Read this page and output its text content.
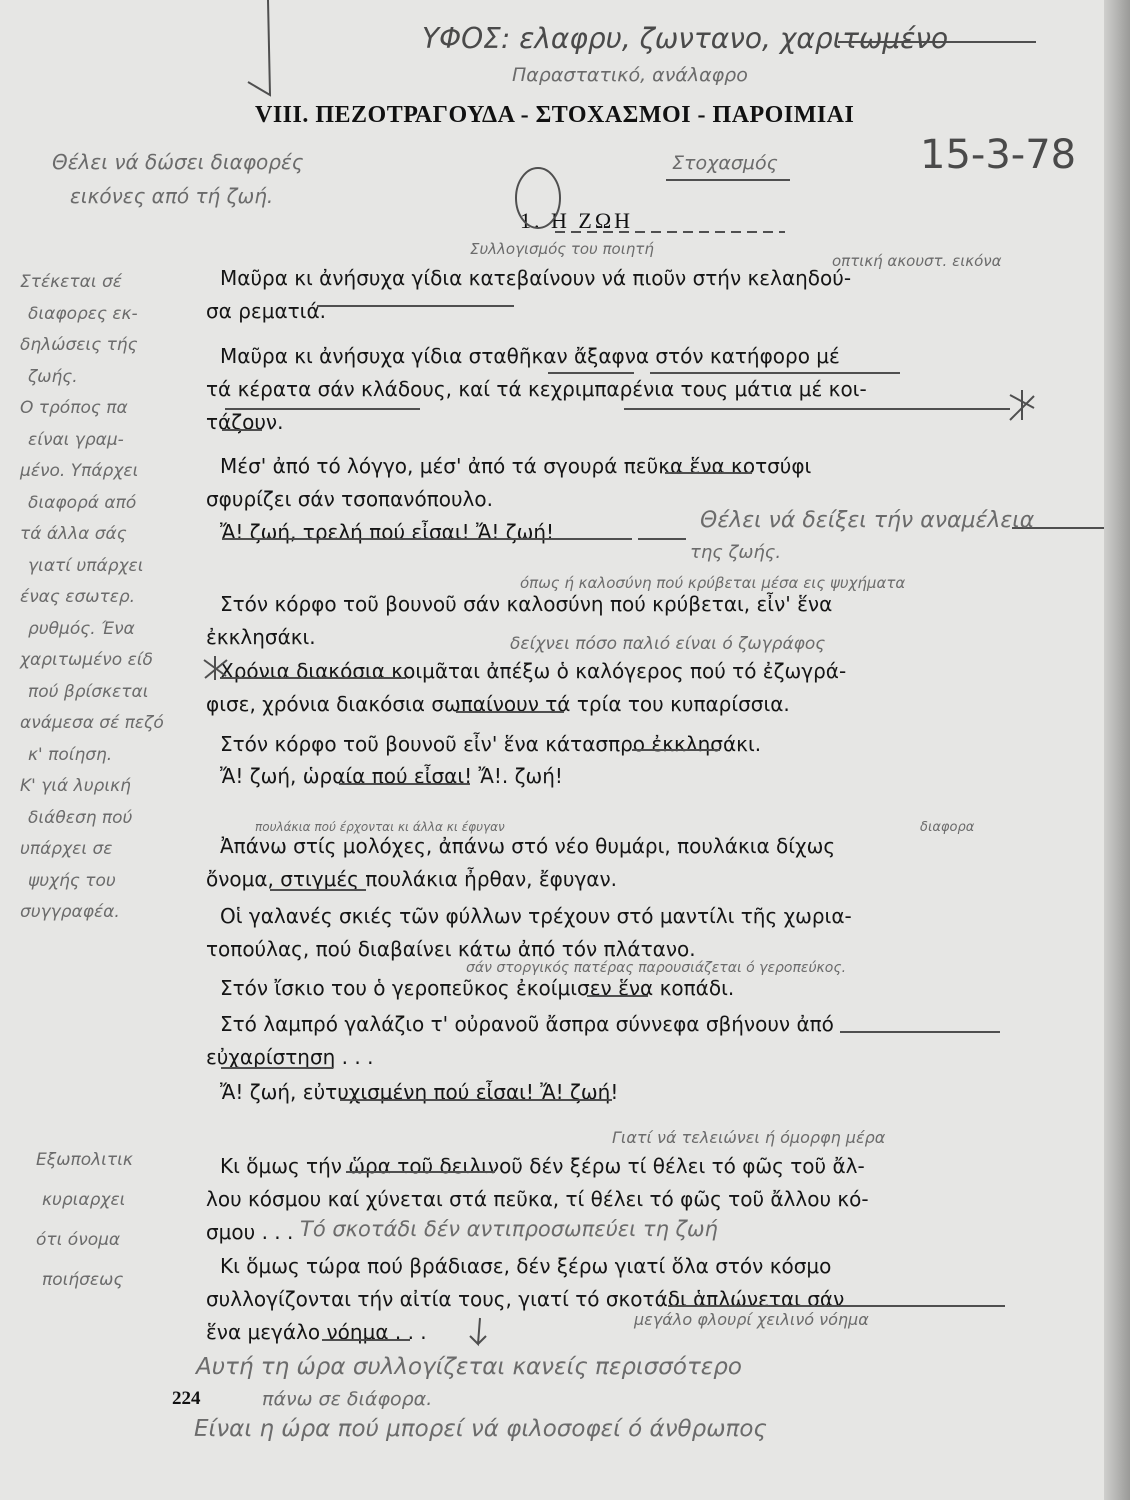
VIII. ΠΕΖΟΤΡΑΓΟΥΔΑ - ΣΤΟΧΑΣΜΟΙ - ΠΑΡΟΙΜΙΑΙ
1. Η ΖΩΗ
Μαῦρα κι ἀνήσυχα γίδια κατεβαίνουν νά πιοῦν στήν κελαηδού-
σα ρεματιά.
Μαῦρα κι ἀνήσυχα γίδια σταθῆκαν ἄξαφνα στόν κατήφορο μέ
τά κέρατα σάν κλάδους, καί τά κεχριμπαρένια τους μάτια μέ κοι-
τάζουν.
Μέσ' ἀπό τό λόγγο, μέσ' ἀπό τά σγουρά πεῦκα ἕνα κοτσύφι
σφυρίζει σάν τσοπανόπουλο.
Ἄ! ζωή, τρελή πού εἶσαι! Ἄ! ζωή!
Στόν κόρφο τοῦ βουνοῦ σάν καλοσύνη πού κρύβεται, εἶν' ἕνα
ἐκκλησάκι.
Χρόνια διακόσια κοιμᾶται ἀπέξω ὁ καλόγερος πού τό ἐζωγρά-
φισε, χρόνια διακόσια σωπαίνουν τά τρία του κυπαρίσσια.
Στόν κόρφο τοῦ βουνοῦ εἶν' ἕνα κάτασπρο ἐκκλησάκι.
Ἄ! ζωή, ὡραία πού εἶσαι! Ἄ!. ζωή!
Ἀπάνω στίς μολόχες, ἀπάνω στό νέο θυμάρι, πουλάκια δίχως
ὄνομα, στιγμές πουλάκια ἦρθαν, ἔφυγαν.
Οἱ γαλανές σκιές τῶν φύλλων τρέχουν στό μαντίλι τῆς χωρια-
τοπούλας, πού διαβαίνει κάτω ἀπό τόν πλάτανο.
Στόν ἴσκιο του ὁ γεροπεῦκος ἐκοίμισεν ἕνα κοπάδι.
Στό λαμπρό γαλάζιο τ' οὐρανοῦ ἄσπρα σύννεφα σβήνουν ἀπό
εὐχαρίστηση . . .
Ἄ! ζωή, εὐτυχισμένη πού εἶσαι! Ἄ! ζωή!
Κι ὅμως τήν ὥρα τοῦ δειλινοῦ δέν ξέρω τί θέλει τό φῶς τοῦ ἄλ-
λου κόσμου καί χύνεται στά πεῦκα, τί θέλει τό φῶς τοῦ ἄλλου κό-
σμου . . .
Κι ὅμως τώρα πού βράδιασε, δέν ξέρω γιατί ὅλα στόν κόσμο
συλλογίζονται τήν αἰτία τους, γιατί τό σκοτάδι ἁπλώνεται σάν
ἕνα μεγάλο νόημα . . .
224
ΥΦΟΣ: ελαφρυ, ζωντανο, χαριτωμένο
Παραστατικό, ανάλαφρο
15-3-78
Στοχασμός
Θέλει νά δώσει διαφορές
εικόνες από τή ζωή.
Συλλογισμός του ποιητή
οπτική ακουστ. εικόνα
Στέκεται σέ
διαφορες εκ-
δηλώσεις τής
ζωής.
Ο τρόπος πα
είναι γραμ-
μένο. Υπάρχει
διαφορά από
τά άλλα σάς
γιατί υπάρχει
ένας εσωτερ.
ρυθμός. Ένα
χαριτωμένο είδ
πού βρίσκεται
ανάμεσα σέ πεζό
κ' ποίηση.
Κ' γιά λυρική
διάθεση πού
υπάρχει σε
ψυχής του
συγγραφέα.
Εξωπολιτικ
κυριαρχει
ότι όνομα
ποιήσεως
Θέλει νά δείξει τήν αναμέλεια
της ζωής.
όπως ή καλοσύνη πού κρύβεται μέσα εις ψυχήματα
δείχνει πόσο παλιό είναι ό ζωγράφος
πουλάκια πού έρχονται κι άλλα κι έφυγαν	διαφορα
σάν στοργικός πατέρας παρουσιάζεται ό γεροπεύκος.
Γιατί νά τελειώνει ή όμορφη μέρα
Τό σκοτάδι δέν αντιπροσωπεύει τη ζωή
μεγάλο φλουρί χειλινό νόημα
Αυτή τη ώρα συλλογίζεται κανείς περισσότερο
πάνω σε διάφορα.
Είναι η ώρα πού μπορεί νά φιλοσοφεί ό άνθρωπος
